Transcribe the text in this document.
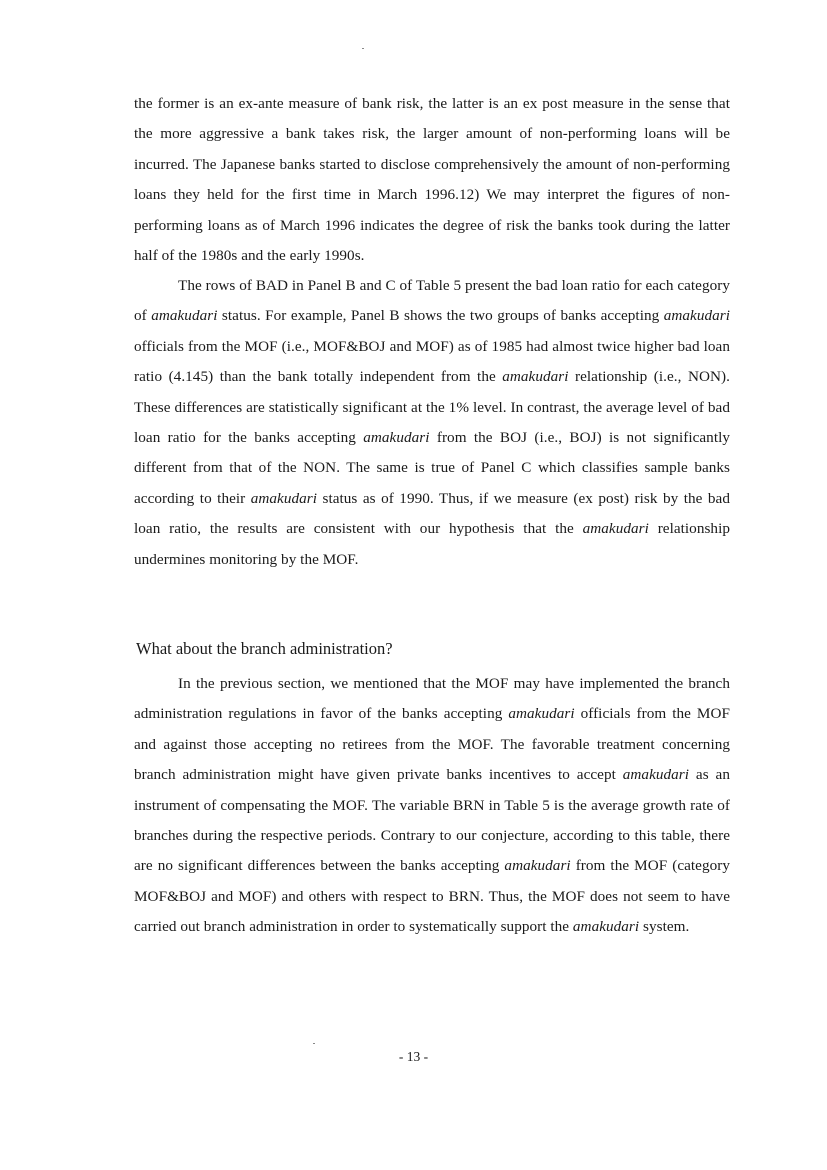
the former is an ex-ante measure of bank risk, the latter is an ex post measure in the sense that the more aggressive a bank takes risk, the larger amount of non-performing loans will be incurred. The Japanese banks started to disclose comprehensively the amount of non-performing loans they held for the first time in March 1996.12) We may interpret the figures of non-performing loans as of March 1996 indicates the degree of risk the banks took during the latter half of the 1980s and the early 1990s.

The rows of BAD in Panel B and C of Table 5 present the bad loan ratio for each category of amakudari status. For example, Panel B shows the two groups of banks accepting amakudari officials from the MOF (i.e., MOF&BOJ and MOF) as of 1985 had almost twice higher bad loan ratio (4.145) than the bank totally independent from the amakudari relationship (i.e., NON). These differences are statistically significant at the 1% level. In contrast, the average level of bad loan ratio for the banks accepting amakudari from the BOJ (i.e., BOJ) is not significantly different from that of the NON. The same is true of Panel C which classifies sample banks according to their amakudari status as of 1990. Thus, if we measure (ex post) risk by the bad loan ratio, the results are consistent with our hypothesis that the amakudari relationship undermines monitoring by the MOF.

What about the branch administration?

In the previous section, we mentioned that the MOF may have implemented the branch administration regulations in favor of the banks accepting amakudari officials from the MOF and against those accepting no retirees from the MOF. The favorable treatment concerning branch administration might have given private banks incentives to accept amakudari as an instrument of compensating the MOF. The variable BRN in Table 5 is the average growth rate of branches during the respective periods. Contrary to our conjecture, according to this table, there are no significant differences between the banks accepting amakudari from the MOF (category MOF&BOJ and MOF) and others with respect to BRN. Thus, the MOF does not seem to have carried out branch administration in order to systematically support the amakudari system.

- 13 -
